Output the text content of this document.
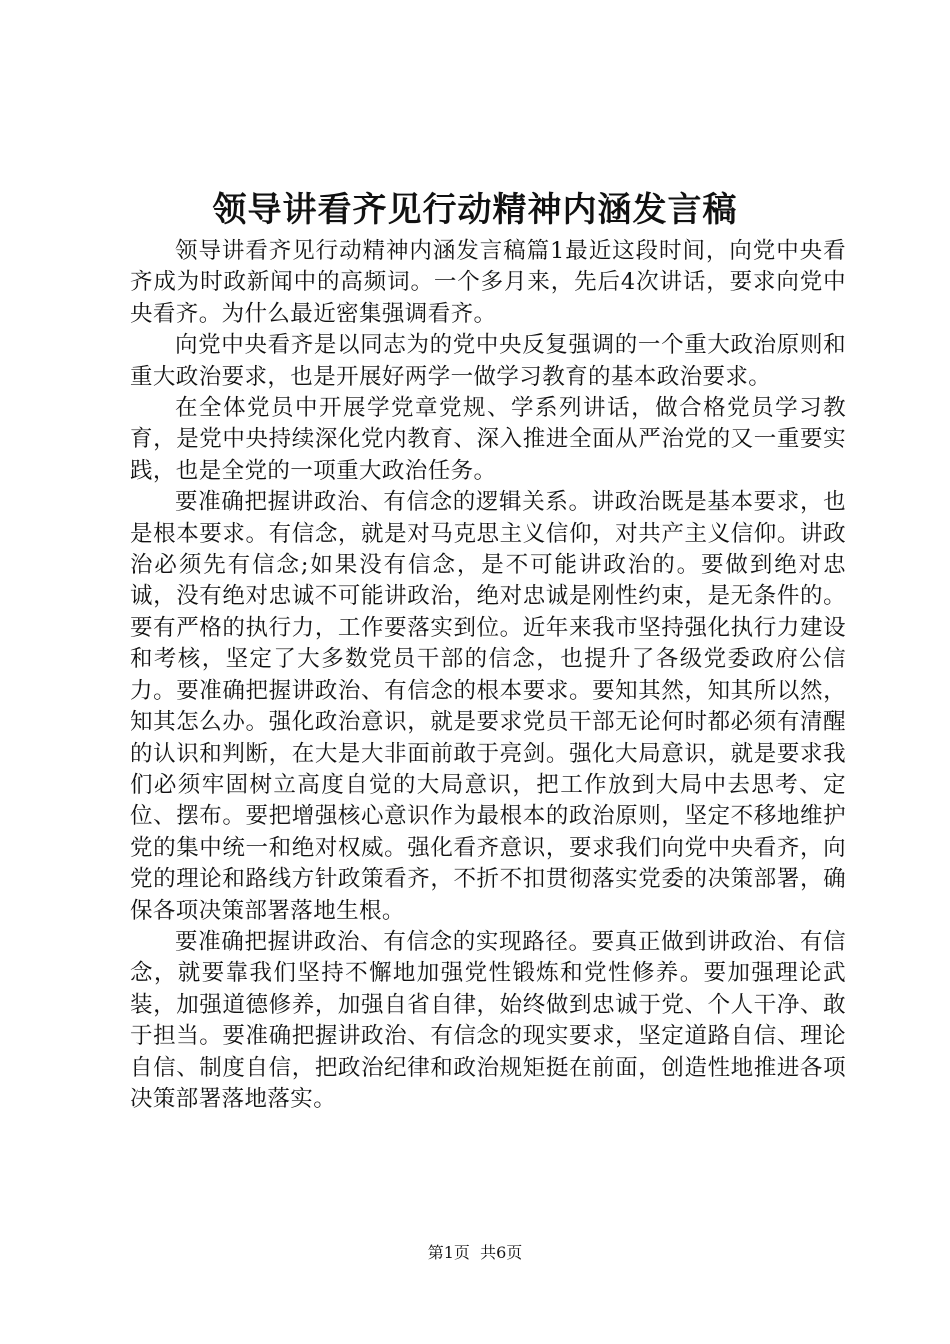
领导讲看齐见行动精神内涵发言稿

领导讲看齐见行动精神内涵发言稿篇1最近这段时间，向党中央看齐成为时政新闻中的高频词。一个多月来，先后4次讲话，要求向党中央看齐。为什么最近密集强调看齐。

向党中央看齐是以同志为的党中央反复强调的一个重大政治原则和重大政治要求，也是开展好两学一做学习教育的基本政治要求。

在全体党员中开展学党章党规、学系列讲话，做合格党员学习教育，是党中央持续深化党内教育、深入推进全面从严治党的又一重要实践，也是全党的一项重大政治任务。

要准确把握讲政治、有信念的逻辑关系。讲政治既是基本要求，也是根本要求。有信念，就是对马克思主义信仰，对共产主义信仰。讲政治必须先有信念;如果没有信念，是不可能讲政治的。要做到绝对忠诚，没有绝对忠诚不可能讲政治，绝对忠诚是刚性约束，是无条件的。要有严格的执行力，工作要落实到位。近年来我市坚持强化执行力建设和考核，坚定了大多数党员干部的信念，也提升了各级党委政府公信力。要准确把握讲政治、有信念的根本要求。要知其然，知其所以然，知其怎么办。强化政治意识，就是要求党员干部无论何时都必须有清醒的认识和判断，在大是大非面前敢于亮剑。强化大局意识，就是要求我们必须牢固树立高度自觉的大局意识，把工作放到大局中去思考、定位、摆布。要把增强核心意识作为最根本的政治原则，坚定不移地维护党的集中统一和绝对权威。强化看齐意识，要求我们向党中央看齐，向党的理论和路线方针政策看齐，不折不扣贯彻落实党委的决策部署，确保各项决策部署落地生根。

要准确把握讲政治、有信念的实现路径。要真正做到讲政治、有信念，就要靠我们坚持不懈地加强党性锻炼和党性修养。要加强理论武装，加强道德修养，加强自省自律，始终做到忠诚于党、个人干净、敢于担当。要准确把握讲政治、有信念的现实要求，坚定道路自信、理论自信、制度自信，把政治纪律和政治规矩挺在前面，创造性地推进各项决策部署落地落实。

第1页 共6页
